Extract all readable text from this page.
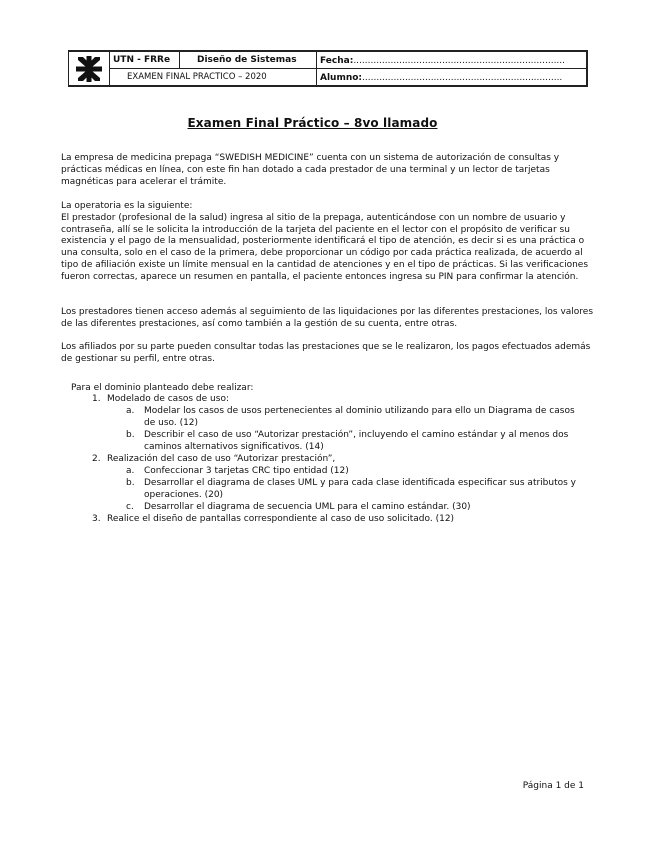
UTN - FRRe	Diseño de Sistemas
EXAMEN FINAL PRACTICO – 2020
Fecha:..........................................................................
Alumno:......................................................................
Examen Final Práctico – 8vo llamado
La empresa de medicina prepaga “SWEDISH MEDICINE” cuenta con un sistema de autorización de consultas y prácticas médicas en línea, con este fin han dotado a cada prestador de una terminal y un lector de tarjetas magnéticas para acelerar el trámite.

La operatoria es la siguiente:

El prestador (profesional de la salud) ingresa al sitio de la prepaga, autenticándose con un nombre de usuario y contraseña, allí se le solicita la introducción de la tarjeta del paciente en el lector con el propósito de verificar su existencia y el pago de la mensualidad, posteriormente identificará el tipo de atención, es decir si es una práctica o una consulta, solo en el caso de la primera, debe proporcionar un código por cada práctica realizada, de acuerdo al tipo de afiliación existe un límite mensual en la cantidad de atenciones y en el tipo de prácticas. Si las verificaciones fueron correctas, aparece un resumen en pantalla, el paciente entonces ingresa su PIN para confirmar la atención.

Los prestadores tienen acceso además al seguimiento de las liquidaciones por las diferentes prestaciones, los valores de las diferentes prestaciones, así como también a la gestión de su cuenta, entre otras.
Los afiliados por su parte pueden consultar todas las prestaciones que se le realizaron, los pagos efectuados además de gestionar su perfil, entre otras.
Para el dominio planteado debe realizar:
1. Modelado de casos de uso:
a. Modelar los casos de usos pertenecientes al dominio utilizando para ello un Diagrama de casos de uso. (12)
b. Describir el caso de uso “Autorizar prestación”, incluyendo el camino estándar y al menos dos caminos alternativos significativos. (14)
2. Realización del caso de uso “Autorizar prestación”,
a. Confeccionar 3 tarjetas CRC tipo entidad (12)
b. Desarrollar el diagrama de clases UML y para cada clase identificada especificar sus atributos y operaciones. (20)
c. Desarrollar el diagrama de secuencia UML para el camino estándar. (30)
3. Realice el diseño de pantallas correspondiente al caso de uso solicitado. (12)
Página 1 de 1
